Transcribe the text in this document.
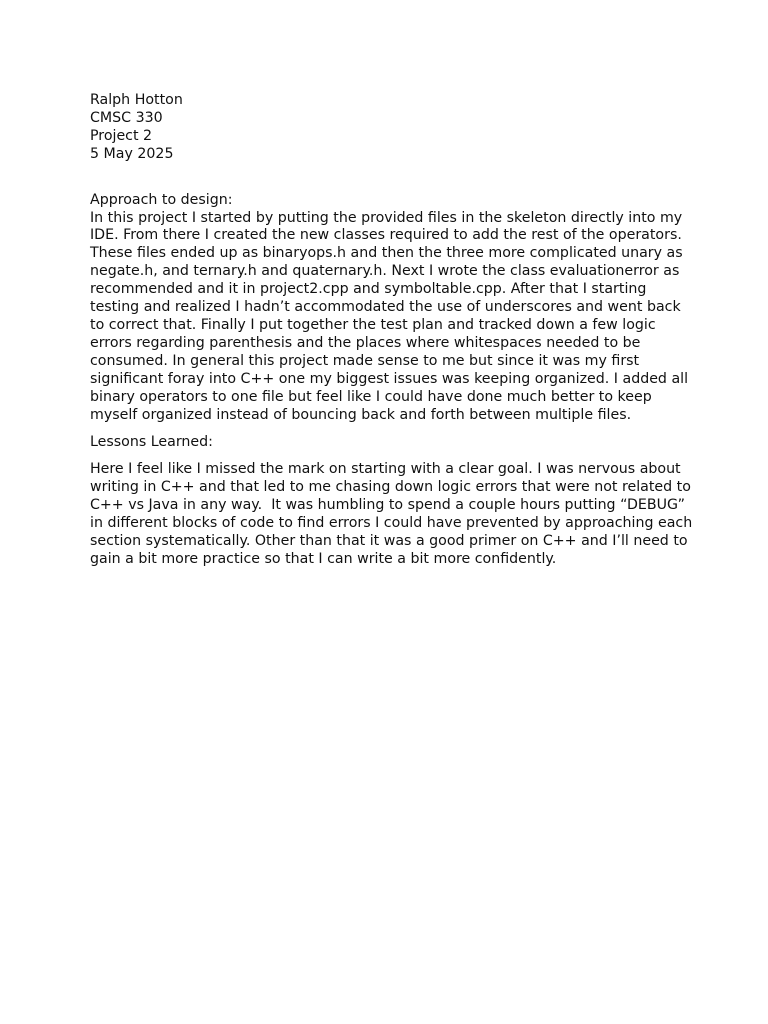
Ralph Hotton
CMSC 330
Project 2
5 May 2025
Approach to design:
In this project I started by putting the provided files in the skeleton directly into my
IDE. From there I created the new classes required to add the rest of the operators.
These files ended up as binaryops.h and then the three more complicated unary as
negate.h, and ternary.h and quaternary.h. Next I wrote the class evaluationerror as
recommended and it in project2.cpp and symboltable.cpp. After that I starting
testing and realized I hadn’t accommodated the use of underscores and went back
to correct that. Finally I put together the test plan and tracked down a few logic
errors regarding parenthesis and the places where whitespaces needed to be
consumed. In general this project made sense to me but since it was my first
significant foray into C++ one my biggest issues was keeping organized. I added all
binary operators to one file but feel like I could have done much better to keep
myself organized instead of bouncing back and forth between multiple files.
Lessons Learned:
Here I feel like I missed the mark on starting with a clear goal. I was nervous about
writing in C++ and that led to me chasing down logic errors that were not related to
C++ vs Java in any way.  It was humbling to spend a couple hours putting “DEBUG”
in different blocks of code to find errors I could have prevented by approaching each
section systematically. Other than that it was a good primer on C++ and I’ll need to
gain a bit more practice so that I can write a bit more confidently.
